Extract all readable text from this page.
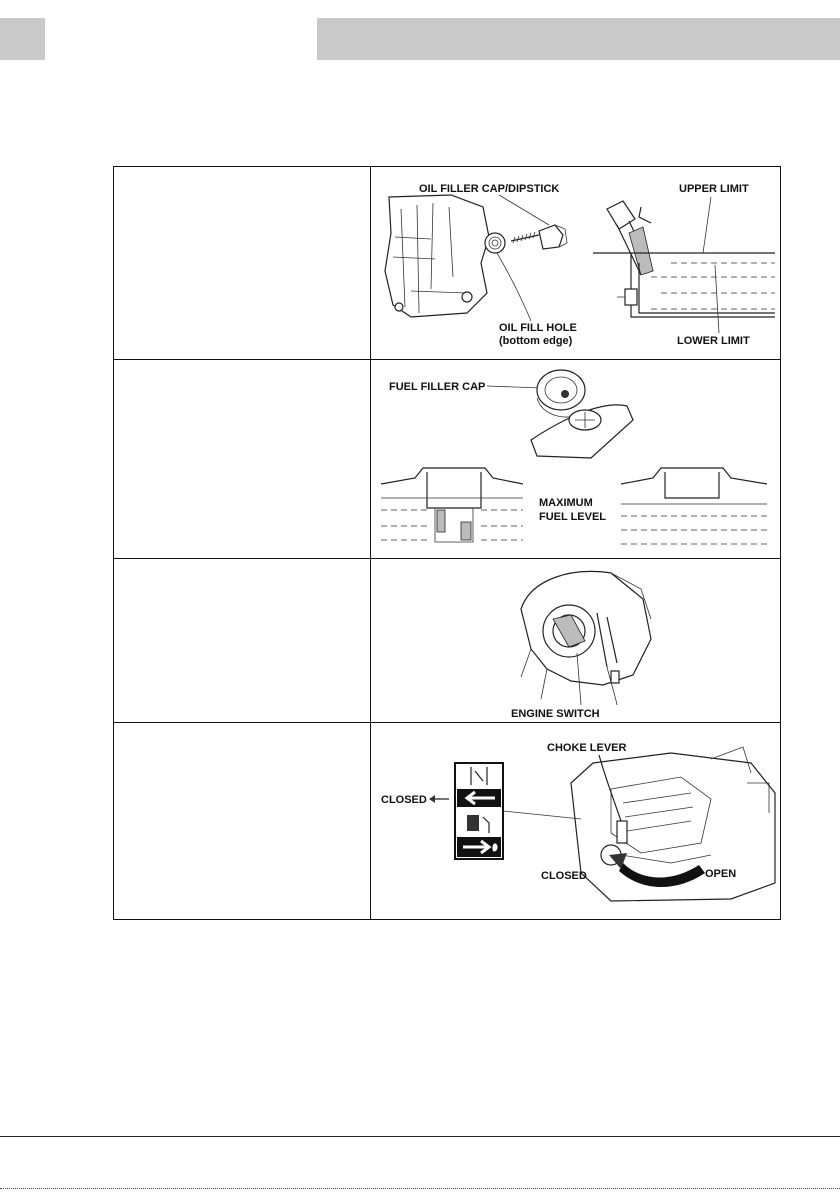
OIL FILLER CAP/DIPSTICK
OIL FILL HOLE
(bottom edge)
UPPER LIMIT
LOWER LIMIT

FUEL FILLER CAP
MAXIMUM
FUEL LEVEL

ENGINE SWITCH

CLOSED
CHOKE LEVER
CLOSED OPEN
